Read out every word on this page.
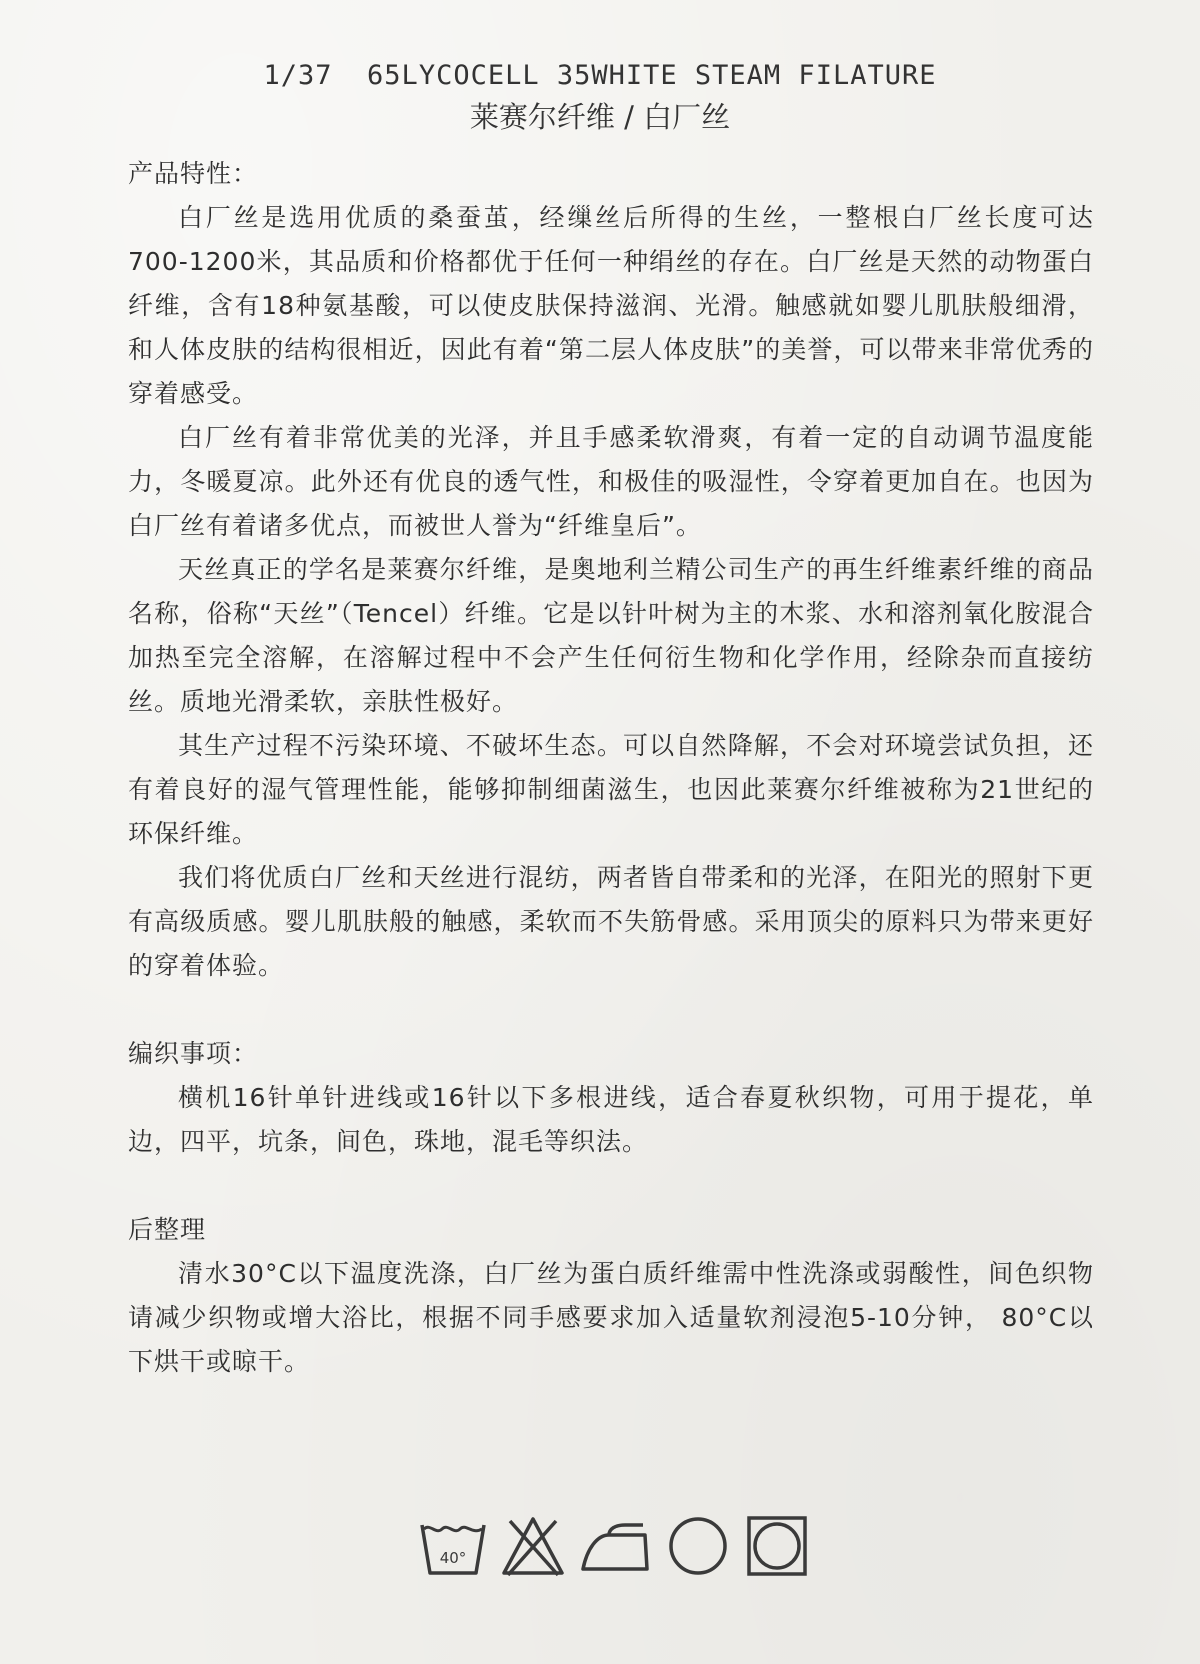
1/37  65LYCOCELL 35WHITE STEAM FILATURE
莱赛尔纤维 / 白厂丝
产品特性：

白厂丝是选用优质的桑蚕茧，经缫丝后所得的生丝，一整根白厂丝长度可达700-1200米，其品质和价格都优于任何一种绢丝的存在。白厂丝是天然的动物蛋白纤维，含有18种氨基酸，可以使皮肤保持滋润、光滑。触感就如婴儿肌肤般细滑，和人体皮肤的结构很相近，因此有着“第二层人体皮肤”的美誉，可以带来非常优秀的穿着感受。

白厂丝有着非常优美的光泽，并且手感柔软滑爽，有着一定的自动调节温度能力，冬暖夏凉。此外还有优良的透气性，和极佳的吸湿性，令穿着更加自在。也因为白厂丝有着诸多优点，而被世人誉为“纤维皇后”。

天丝真正的学名是莱赛尔纤维，是奥地利兰精公司生产的再生纤维素纤维的商品名称，俗称“天丝”（Tencel）纤维。它是以针叶树为主的木浆、水和溶剂氧化胺混合加热至完全溶解，在溶解过程中不会产生任何衍生物和化学作用，经除杂而直接纺丝。质地光滑柔软，亲肤性极好。

其生产过程不污染环境、不破坏生态。可以自然降解，不会对环境尝试负担，还有着良好的湿气管理性能，能够抑制细菌滋生，也因此莱赛尔纤维被称为21世纪的环保纤维。

我们将优质白厂丝和天丝进行混纺，两者皆自带柔和的光泽，在阳光的照射下更有高级质感。婴儿肌肤般的触感，柔软而不失筋骨感。采用顶尖的原料只为带来更好的穿着体验。

编织事项：

横机16针单针进线或16针以下多根进线，适合春夏秋织物，可用于提花，单边，四平，坑条，间色，珠地，混毛等织法。

后整理

清水30°C以下温度洗涤，白厂丝为蛋白质纤维需中性洗涤或弱酸性，间色织物请减少织物或增大浴比，根据不同手感要求加入适量软剂浸泡5-10分钟， 80°C以下烘干或晾干。

40°
